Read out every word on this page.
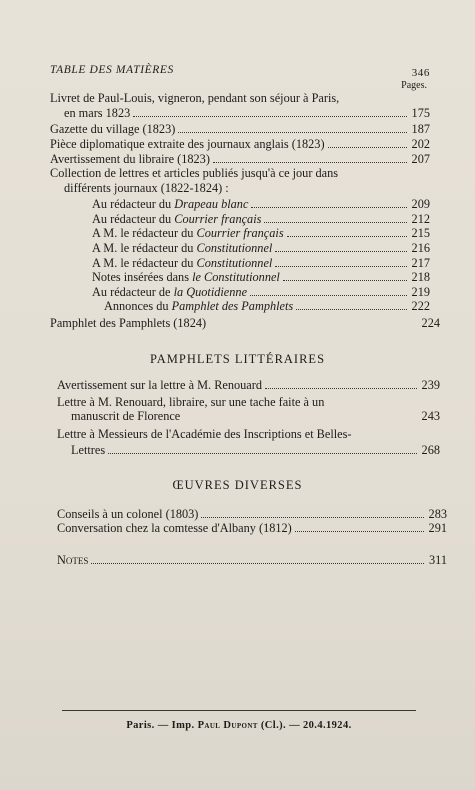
TABLE DES MATIÈRES	346
Pages.
Livret de Paul-Louis, vigneron, pendant son séjour à Paris,
en mars 1823	175
Gazette du village (1823)	187
Pièce diplomatique extraite des journaux anglais (1823)	202
Avertissement du libraire (1823)	207
Collection de lettres et articles publiés jusqu'à ce jour dans
différents journaux (1822-1824) :
Au rédacteur du Drapeau blanc	209
Au rédacteur du Courrier français	212
A M. le rédacteur du Courrier français	215
A M. le rédacteur du Constitutionnel	216
A M. le rédacteur du Constitutionnel	217
Notes insérées dans le Constitutionnel	218
Au rédacteur de la Quotidienne	219
Annonces du Pamphlet des Pamphlets	222
Pamphlet des Pamphlets (1824)	224
PAMPHLETS LITTÉRAIRES
Avertissement sur la lettre à M. Renouard	239
Lettre à M. Renouard, libraire, sur une tache faite à un
manuscrit de Florence	243
Lettre à Messieurs de l'Académie des Inscriptions et Belles-
Lettres	268
ŒUVRES DIVERSES
Conseils à un colonel (1803)	283
Conversation chez la comtesse d'Albany (1812)	291
Notes	311
Paris. — Imp. Paul Dupont (Cl.). — 20.4.1924.
